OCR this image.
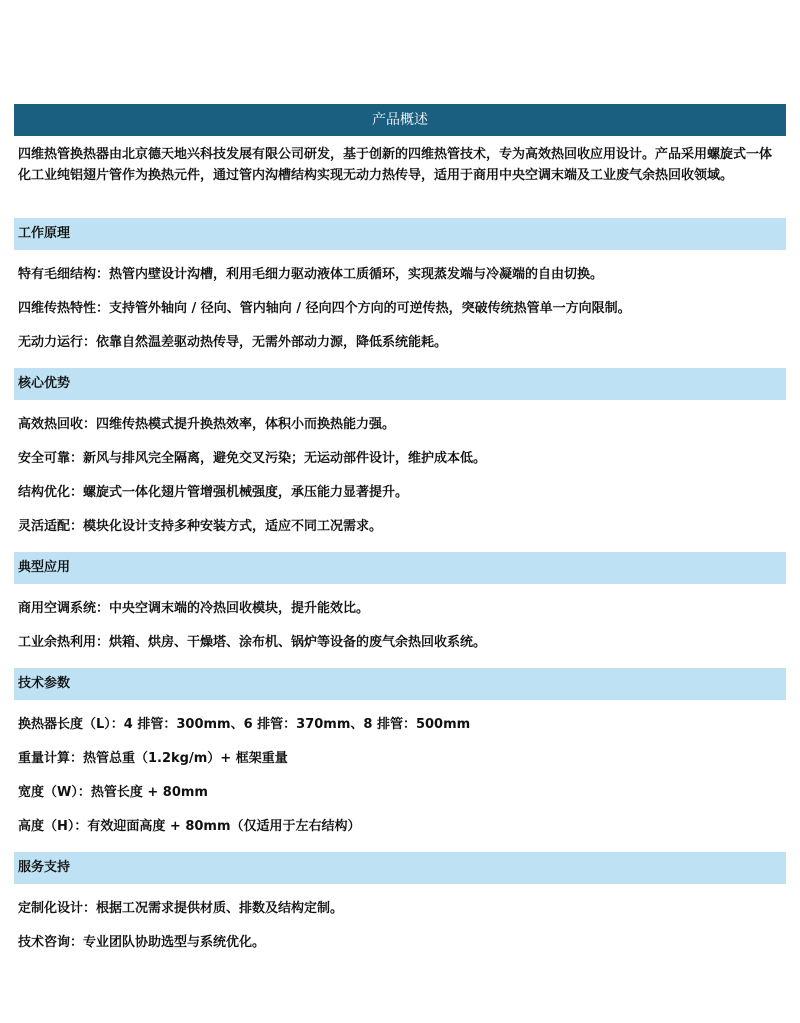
产品概述
四维热管换热器由北京德天地兴科技发展有限公司研发，基于创新的四维热管技术，专为高效热回收应用设计。产品采用螺旋式一体化工业纯铝翅片管作为换热元件，通过管内沟槽结构实现无动力热传导，适用于商用中央空调末端及工业废气余热回收领域。
工作原理
特有毛细结构：热管内壁设计沟槽，利用毛细力驱动液体工质循环，实现蒸发端与冷凝端的自由切换。
四维传热特性：支持管外轴向 / 径向、管内轴向 / 径向四个方向的可逆传热，突破传统热管单一方向限制。
无动力运行：依靠自然温差驱动热传导，无需外部动力源，降低系统能耗。
核心优势
高效热回收：四维传热模式提升换热效率，体积小而换热能力强。
安全可靠：新风与排风完全隔离，避免交叉污染；无运动部件设计，维护成本低。
结构优化：螺旋式一体化翅片管增强机械强度，承压能力显著提升。
灵活适配：模块化设计支持多种安装方式，适应不同工况需求。
典型应用
商用空调系统：中央空调末端的冷热回收模块，提升能效比。
工业余热利用：烘箱、烘房、干燥塔、涂布机、锅炉等设备的废气余热回收系统。
技术参数
换热器长度（L）：4 排管：300mm、6 排管：370mm、8 排管：500mm
重量计算：热管总重（1.2kg/m）+ 框架重量
宽度（W）：热管长度 + 80mm
高度（H）：有效迎面高度 + 80mm（仅适用于左右结构）
服务支持
定制化设计：根据工况需求提供材质、排数及结构定制。
技术咨询：专业团队协助选型与系统优化。
